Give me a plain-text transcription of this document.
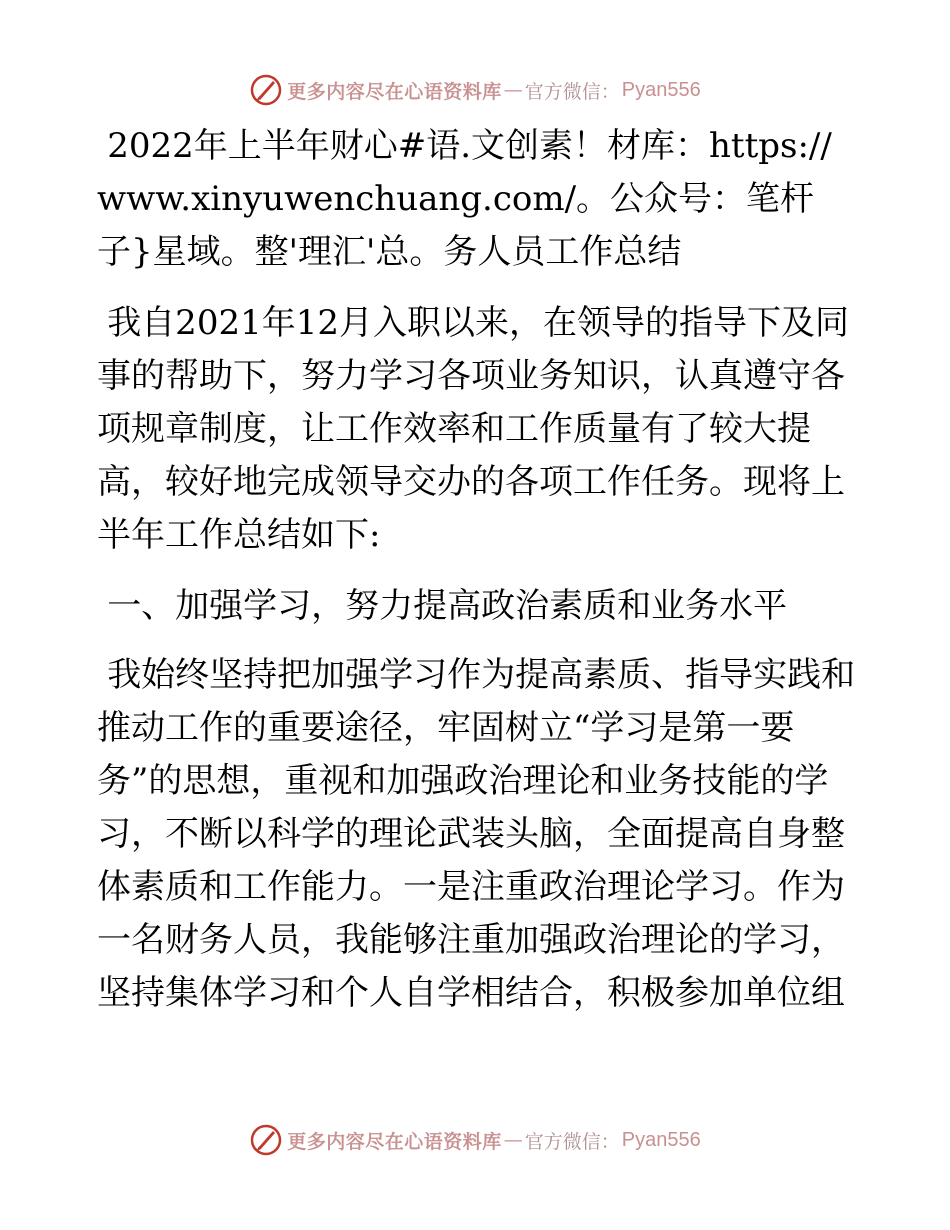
更多内容尽在心语资料库 — 官方微信： Pyan556

2022年上半年财心#语.文创素！材库：https://www.xinyuwenchuang.com/。公众号：笔杆子}星域。整'理汇'总。务人员工作总结

我自2021年12月入职以来，在领导的指导下及同事的帮助下，努力学习各项业务知识，认真遵守各项规章制度，让工作效率和工作质量有了较大提高，较好地完成领导交办的各项工作任务。现将上半年工作总结如下:

一、加强学习，努力提高政治素质和业务水平

我始终坚持把加强学习作为提高素质、指导实践和推动工作的重要途径，牢固树立“学习是第一要务”的思想，重视和加强政治理论和业务技能的学习，不断以科学的理论武装头脑，全面提高自身整体素质和工作能力。一是注重政治理论学习。作为一名财务人员，我能够注重加强政治理论的学习，坚持集体学习和个人自学相结合，积极参加单位组

更多内容尽在心语资料库 — 官方微信： Pyan556
